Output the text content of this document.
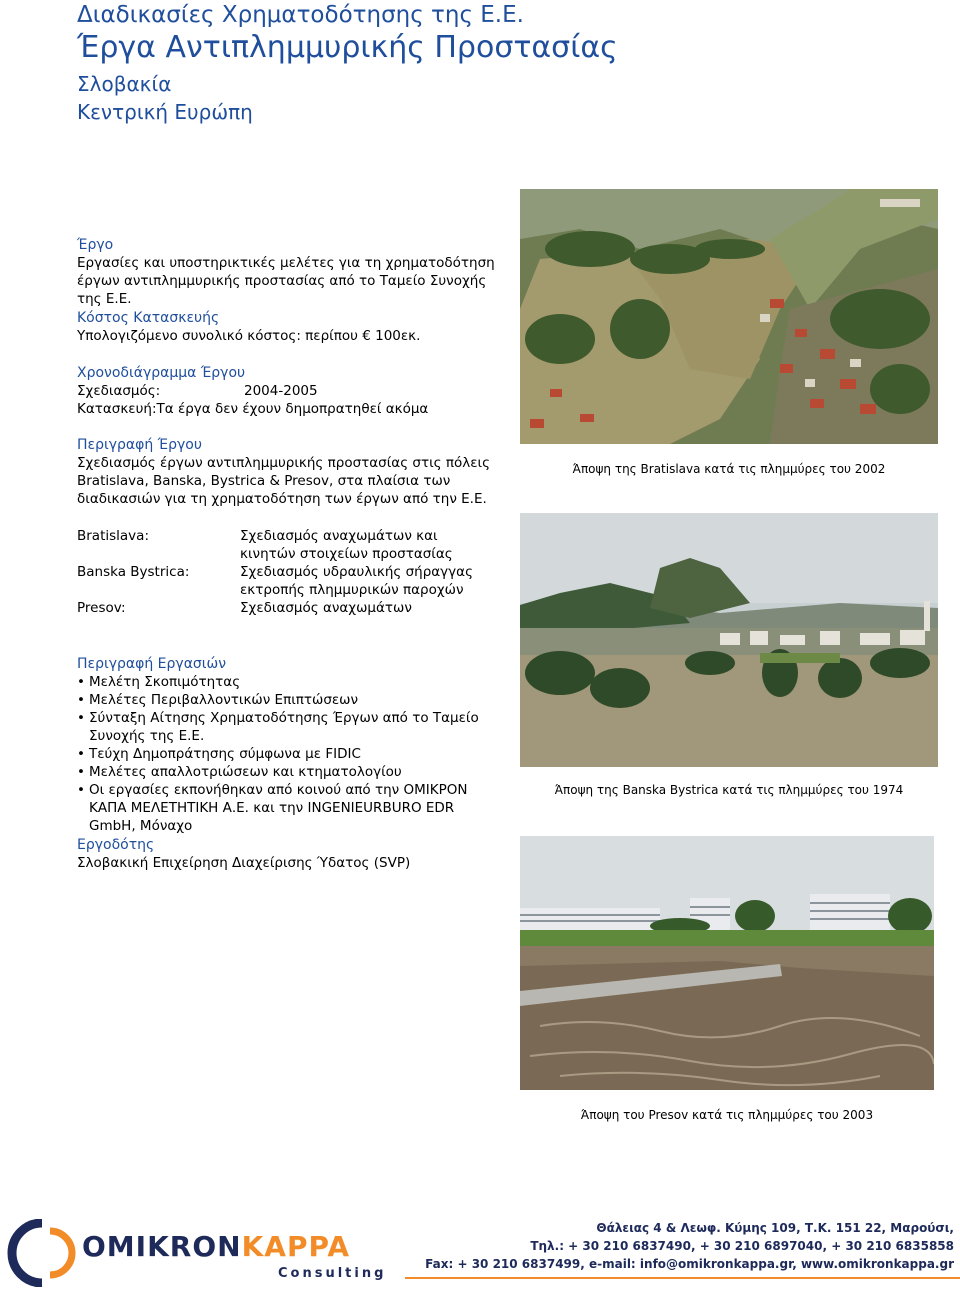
Διαδικασίες Χρηματοδότησης της Ε.Ε.
Έργα Αντιπλημμυρικής Προστασίας
Σλοβακία
Κεντρική Ευρώπη
Έργο
Εργασίες και υποστηρικτικές μελέτες για τη χρηματοδότηση έργων αντιπλημμυρικής προστασίας από το Ταμείο Συνοχής της Ε.Ε.
Κόστος Κατασκευής
Υπολογιζόμενο συνολικό κόστος: περίπου € 100εκ.
Χρονοδιάγραμμα Έργου
Σχεδιασμός:	2004-2005
Κατασκευή:Τα έργα δεν έχουν δημοπρατηθεί ακόμα
Περιγραφή Έργου
Σχεδιασμός έργων αντιπλημμυρικής προστασίας στις πόλεις Bratislava, Banska, Bystrica & Presov, στα πλαίσια των διαδικασιών για τη χρηματοδότηση των έργων από την Ε.Ε.
Bratislava:	Σχεδιασμός αναχωμάτων και κινητών στοιχείων προστασίας
Banska Bystrica:	Σχεδιασμός υδραυλικής σήραγγας εκτροπής πλημμυρικών παροχών
Presov:	Σχεδιασμός αναχωμάτων
Περιγραφή Εργασιών
• Μελέτη Σκοπιμότητας
• Μελέτες Περιβαλλοντικών Επιπτώσεων
• Σύνταξη Αίτησης Χρηματοδότησης Έργων από το Ταμείο Συνοχής της Ε.Ε.
• Τεύχη Δημοπράτησης σύμφωνα με FIDIC
• Μελέτες απαλλοτριώσεων και κτηματολογίου
• Οι εργασίες εκπονήθηκαν από κοινού από την ΟΜΙΚΡΟΝ ΚΑΠΑ ΜΕΛΕΤΗΤΙΚΗ Α.Ε. και την INGENIEURBURO EDR GmbH, Μόναχο
Εργοδότης
Σλοβακική Επιχείρηση Διαχείρισης Ύδατος (SVP)
Άποψη της Bratislava κατά τις πλημμύρες του 2002
Άποψη της Banska Bystrica κατά τις πλημμύρες του 1974
Άποψη του Presov κατά τις πλημμύρες του 2003
OMIKRONKAPPA
Consulting
Θάλειας 4 & Λεωφ. Κύμης 109, Τ.Κ. 151 22, Μαρούσι,
Τηλ.: + 30 210 6837490, + 30 210 6897040, + 30 210 6835858
Fax: + 30 210 6837499, e-mail: info@omikronkappa.gr, www.omikronkappa.gr
